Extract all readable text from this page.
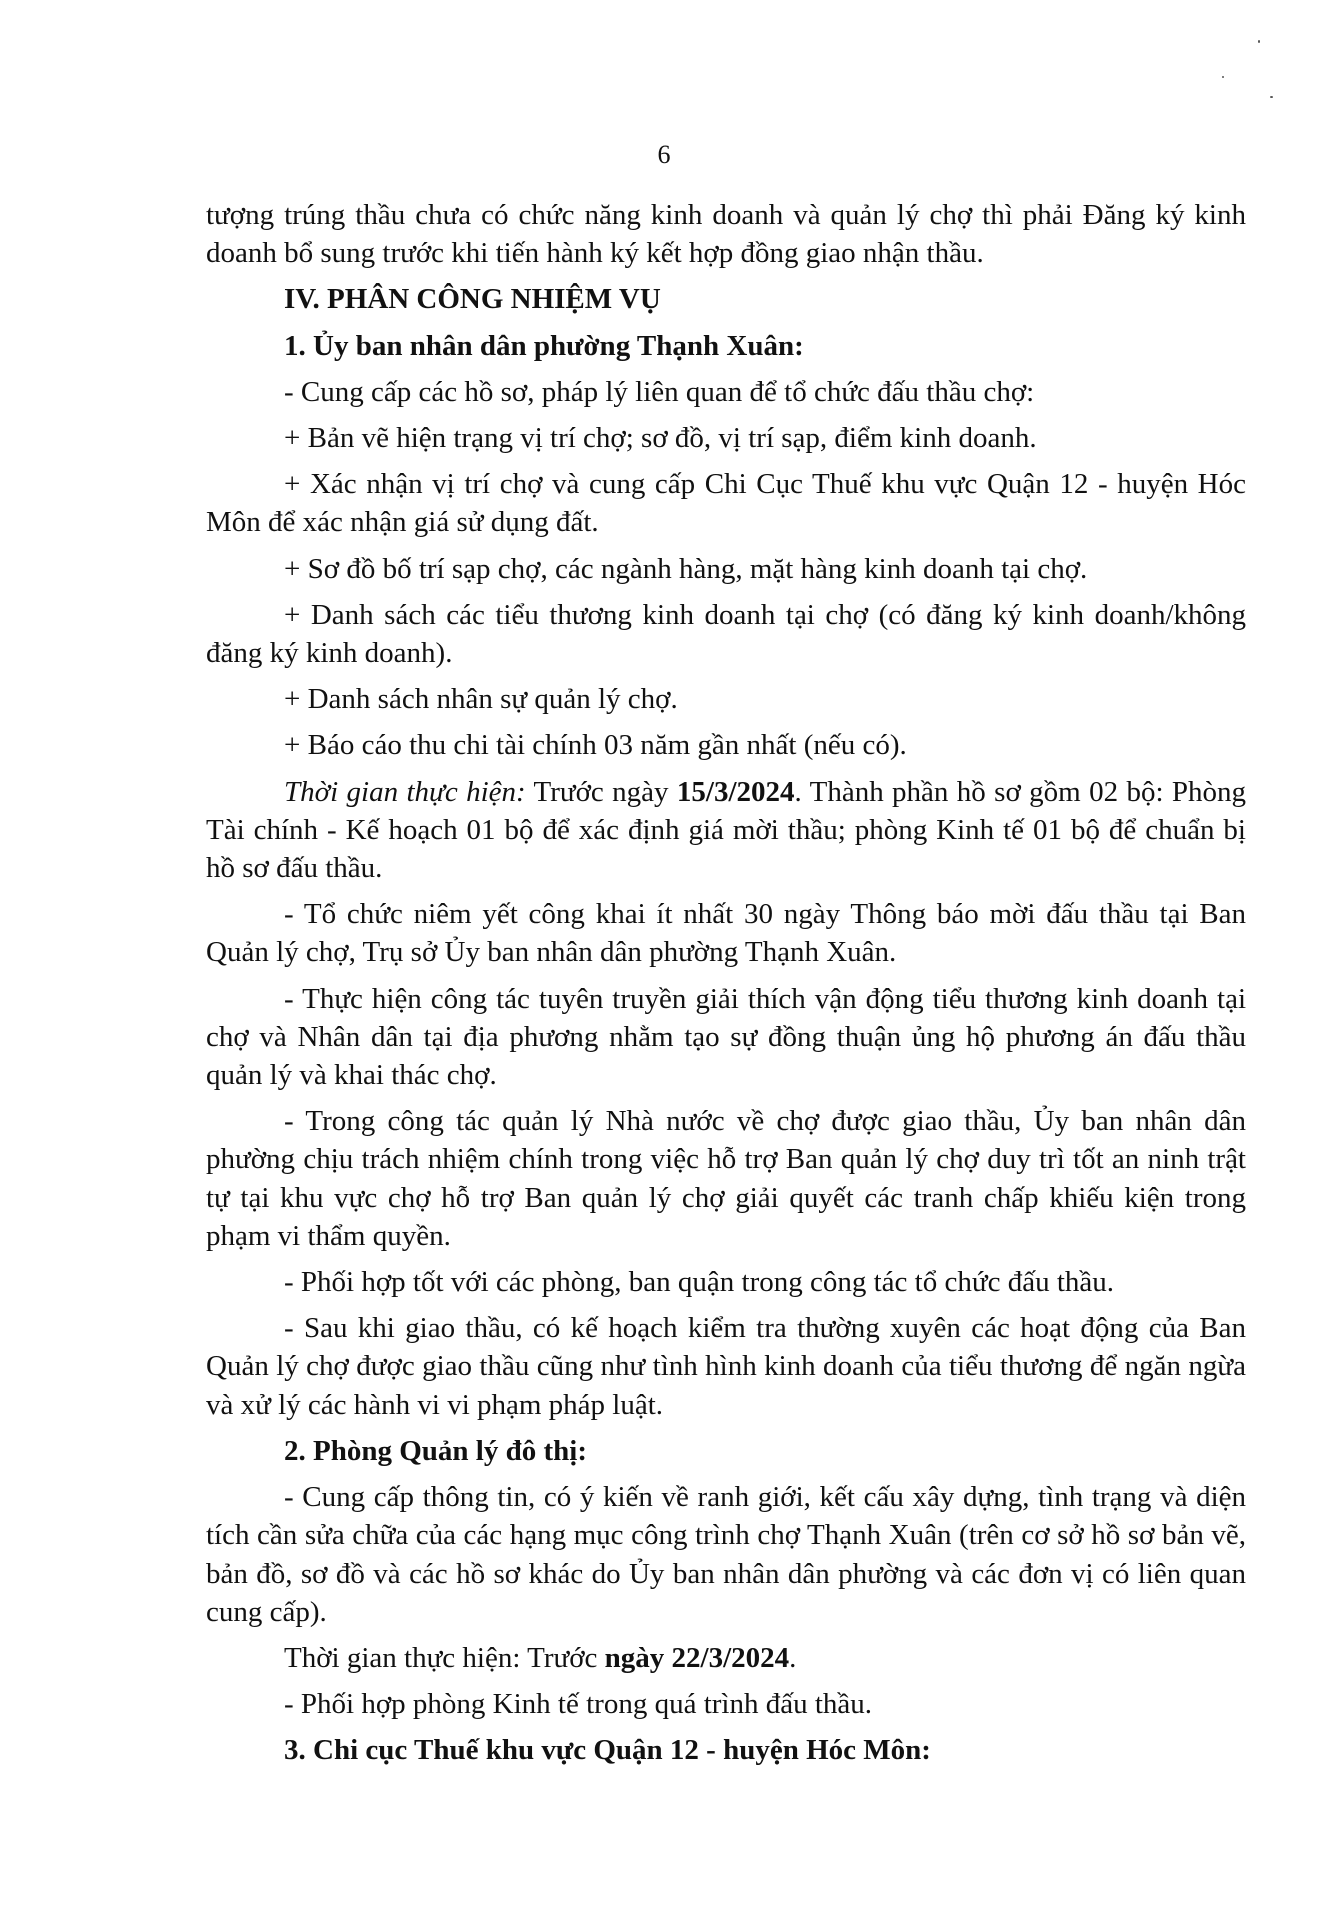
6

tượng trúng thầu chưa có chức năng kinh doanh và quản lý chợ thì phải Đăng ký kinh doanh bổ sung trước khi tiến hành ký kết hợp đồng giao nhận thầu.

IV. PHÂN CÔNG NHIỆM VỤ

1. Ủy ban nhân dân phường Thạnh Xuân:

- Cung cấp các hồ sơ, pháp lý liên quan để tổ chức đấu thầu chợ:

+ Bản vẽ hiện trạng vị trí chợ; sơ đồ, vị trí sạp, điểm kinh doanh.

+ Xác nhận vị trí chợ và cung cấp Chi Cục Thuế khu vực Quận 12 - huyện Hóc Môn để xác nhận giá sử dụng đất.

+ Sơ đồ bố trí sạp chợ, các ngành hàng, mặt hàng kinh doanh tại chợ.

+ Danh sách các tiểu thương kinh doanh tại chợ (có đăng ký kinh doanh/không đăng ký kinh doanh).

+ Danh sách nhân sự quản lý chợ.

+ Báo cáo thu chi tài chính 03 năm gần nhất (nếu có).

Thời gian thực hiện: Trước ngày 15/3/2024. Thành phần hồ sơ gồm 02 bộ: Phòng Tài chính - Kế hoạch 01 bộ để xác định giá mời thầu; phòng Kinh tế 01 bộ để chuẩn bị hồ sơ đấu thầu.

- Tổ chức niêm yết công khai ít nhất 30 ngày Thông báo mời đấu thầu tại Ban Quản lý chợ, Trụ sở Ủy ban nhân dân phường Thạnh Xuân.

- Thực hiện công tác tuyên truyền giải thích vận động tiểu thương kinh doanh tại chợ và Nhân dân tại địa phương nhằm tạo sự đồng thuận ủng hộ phương án đấu thầu quản lý và khai thác chợ.

- Trong công tác quản lý Nhà nước về chợ được giao thầu, Ủy ban nhân dân phường chịu trách nhiệm chính trong việc hỗ trợ Ban quản lý chợ duy trì tốt an ninh trật tự tại khu vực chợ hỗ trợ Ban quản lý chợ giải quyết các tranh chấp khiếu kiện trong phạm vi thẩm quyền.

- Phối hợp tốt với các phòng, ban quận trong công tác tổ chức đấu thầu.

- Sau khi giao thầu, có kế hoạch kiểm tra thường xuyên các hoạt động của Ban Quản lý chợ được giao thầu cũng như tình hình kinh doanh của tiểu thương để ngăn ngừa và xử lý các hành vi vi phạm pháp luật.

2. Phòng Quản lý đô thị:

- Cung cấp thông tin, có ý kiến về ranh giới, kết cấu xây dựng, tình trạng và diện tích cần sửa chữa của các hạng mục công trình chợ Thạnh Xuân (trên cơ sở hồ sơ bản vẽ, bản đồ, sơ đồ và các hồ sơ khác do Ủy ban nhân dân phường và các đơn vị có liên quan cung cấp).

Thời gian thực hiện: Trước ngày 22/3/2024.

- Phối hợp phòng Kinh tế trong quá trình đấu thầu.

3. Chi cục Thuế khu vực Quận 12 - huyện Hóc Môn:
